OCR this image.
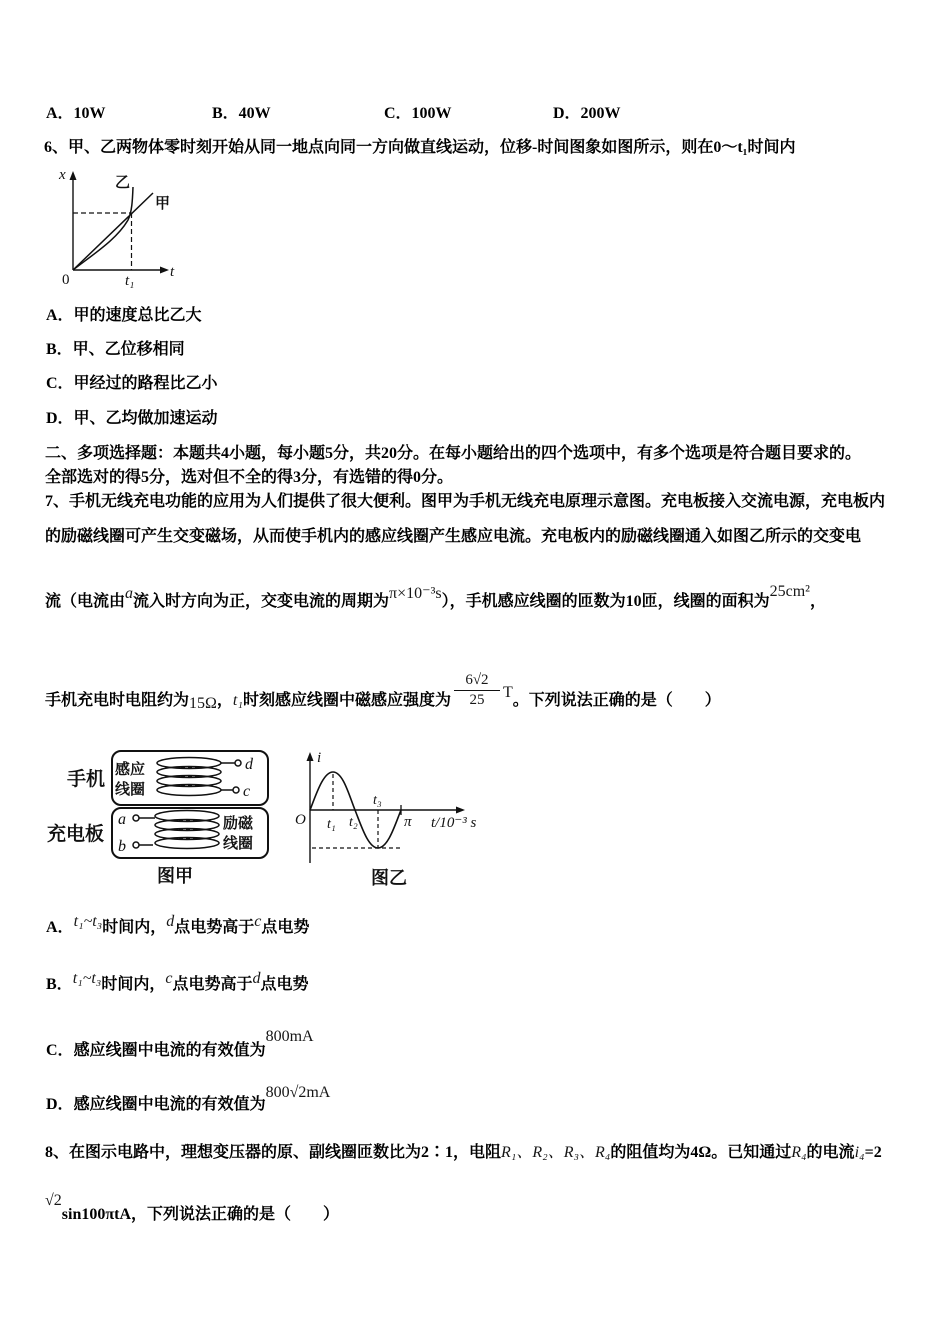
A．10W	B．40W	C．100W	D．200W
6、甲、乙两物体零时刻开始从同一地点向同一方向做直线运动，位移-时间图象如图所示，则在0～t₁时间内
x
t
0
乙
甲
t₁
A．甲的速度总比乙大
B．甲、乙位移相同
C．甲经过的路程比乙小
D．甲、乙均做加速运动
二、多项选择题：本题共4小题，每小题5分，共20分。在每小题给出的四个选项中，有多个选项是符合题目要求的。
全部选对的得5分，选对但不全的得3分，有选错的得0分。
7、手机无线充电功能的应用为人们提供了很大便利。图甲为手机无线充电原理示意图。充电板接入交流电源，充电板内
的励磁线圈可产生交变磁场，从而使手机内的感应线圈产生感应电流。充电板内的励磁线圈通入如图乙所示的交变电
流（电流由a流入时方向为正，交变电流的周期为π×10⁻³s），手机感应线圈的匝数为10匝，线圈的面积为25cm²，
手机充电时电阻约为15Ω，t₁时刻感应线圈中磁感应强度为 $\frac{6√2}{25}$ T。下列说法正确的是（　　）
手机 感应
线圈
d
c
充电板
a
b
励磁
线圈
图甲
i
O t₁ t₂
t₃
π t/10⁻³ s
图乙
A．t₁~t₃时间内，d点电势高于c点电势
B．t₁~t₃时间内，c点电势高于d点电势
C．感应线圈中电流的有效值为800mA
D．感应线圈中电流的有效值为800√2mA
8、在图示电路中，理想变压器的原、副线圈匝数比为2∶1，电阻R₁、R₂、R₃、R₄的阻值均为4Ω。已知通过R₄的电流i₄=2
√2sin100πtA，下列说法正确的是（　　）
